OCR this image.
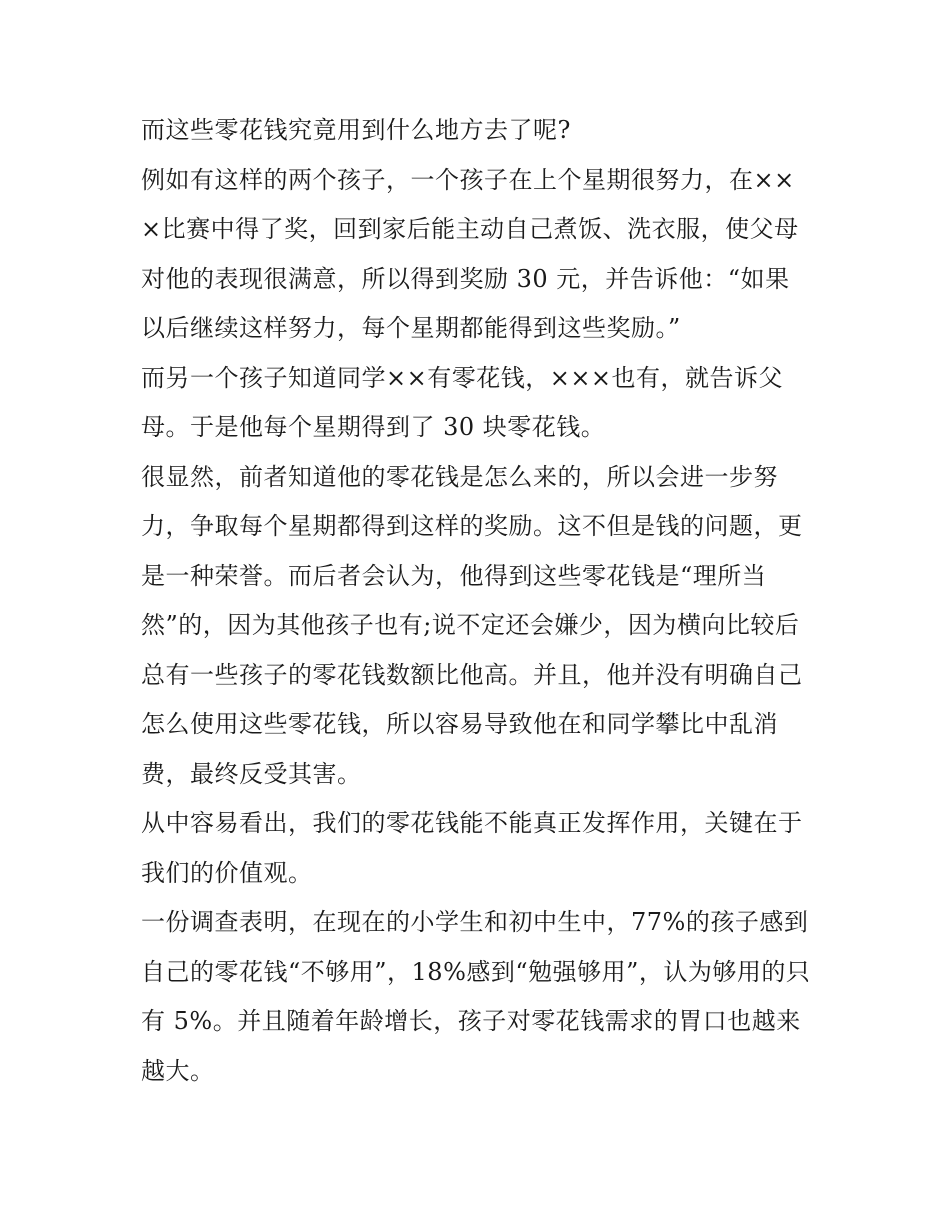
而这些零花钱究竟用到什么地方去了呢?

例如有这样的两个孩子，一个孩子在上个星期很努力，在×××比赛中得了奖，回到家后能主动自己煮饭、洗衣服，使父母对他的表现很满意，所以得到奖励 30 元，并告诉他：“如果以后继续这样努力，每个星期都能得到这些奖励。”

而另一个孩子知道同学××有零花钱，×××也有，就告诉父母。于是他每个星期得到了 30 块零花钱。

很显然，前者知道他的零花钱是怎么来的，所以会进一步努力，争取每个星期都得到这样的奖励。这不但是钱的问题，更是一种荣誉。而后者会认为，他得到这些零花钱是“理所当然”的，因为其他孩子也有;说不定还会嫌少，因为横向比较后总有一些孩子的零花钱数额比他高。并且，他并没有明确自己怎么使用这些零花钱，所以容易导致他在和同学攀比中乱消费，最终反受其害。

从中容易看出，我们的零花钱能不能真正发挥作用，关键在于我们的价值观。

一份调查表明，在现在的小学生和初中生中，77%的孩子感到自己的零花钱“不够用”，18%感到“勉强够用”，认为够用的只有 5%。并且随着年龄增长，孩子对零花钱需求的胃口也越来越大。
